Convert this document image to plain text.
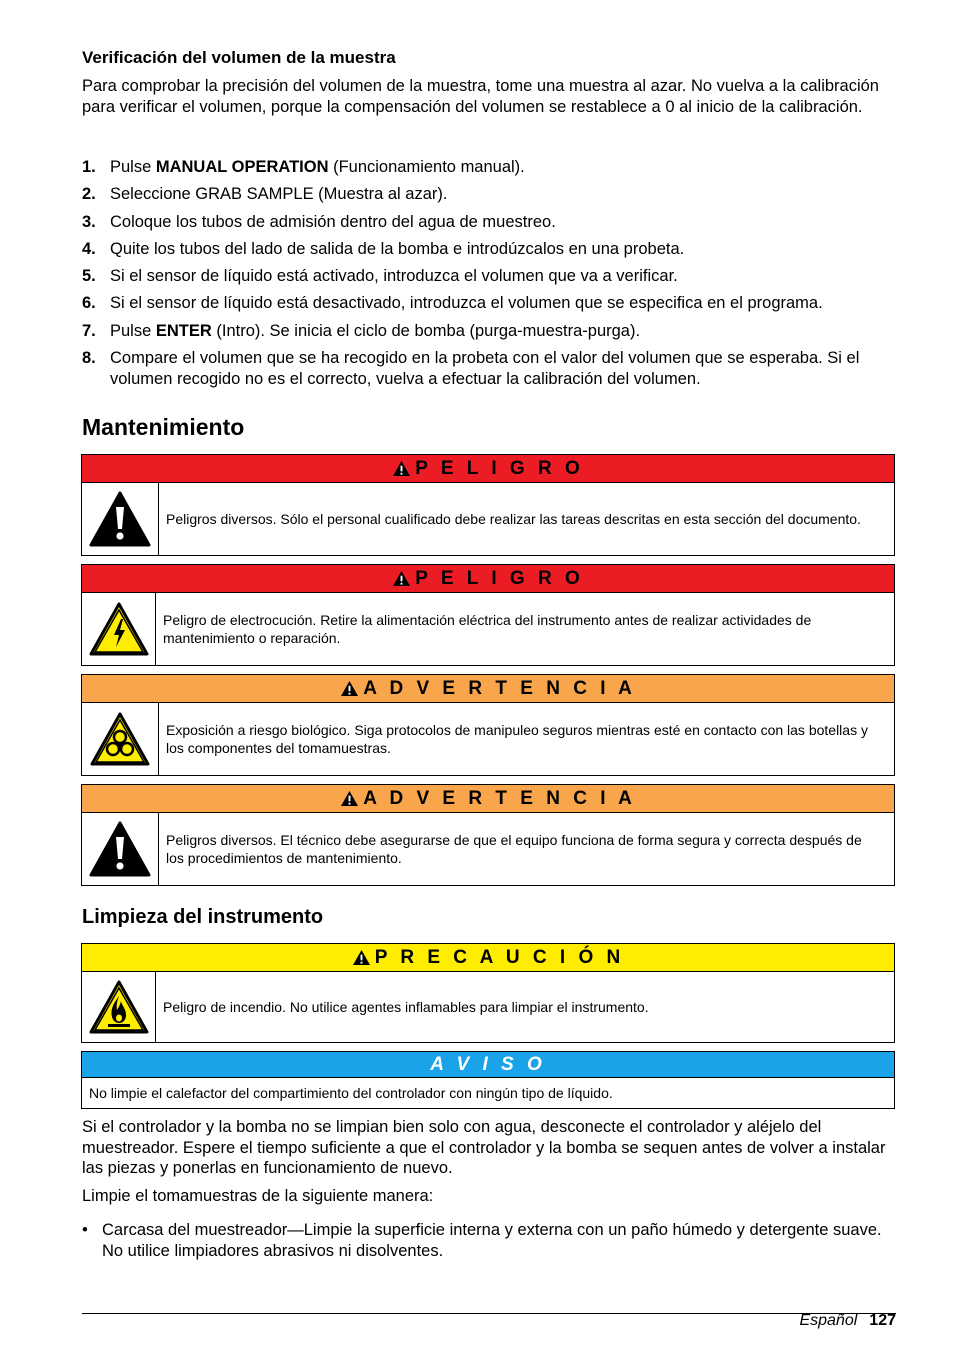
Verificación del volumen de la muestra

Para comprobar la precisión del volumen de la muestra, tome una muestra al azar. No vuelva a la calibración para verificar el volumen, porque la compensación del volumen se restablece a 0 al inicio de la calibración.

1. Pulse MANUAL OPERATION (Funcionamiento manual).
2. Seleccione GRAB SAMPLE (Muestra al azar).
3. Coloque los tubos de admisión dentro del agua de muestreo.
4. Quite los tubos del lado de salida de la bomba e introdúzcalos en una probeta.
5. Si el sensor de líquido está activado, introduzca el volumen que va a verificar.
6. Si el sensor de líquido está desactivado, introduzca el volumen que se especifica en el programa.
7. Pulse ENTER (Intro). Se inicia el ciclo de bomba (purga-muestra-purga).
8. Compare el volumen que se ha recogido en la probeta con el valor del volumen que se esperaba. Si el volumen recogido no es el correcto, vuelva a efectuar la calibración del volumen.
Mantenimiento
P E L I G R O
Peligros diversos. Sólo el personal cualificado debe realizar las tareas descritas en esta sección del documento.
P E L I G R O
Peligro de electrocución. Retire la alimentación eléctrica del instrumento antes de realizar actividades de mantenimiento o reparación.
A D V E R T E N C I A
Exposición a riesgo biológico. Siga protocolos de manipuleo seguros mientras esté en contacto con las botellas y los componentes del tomamuestras.
A D V E R T E N C I A
Peligros diversos. El técnico debe asegurarse de que el equipo funciona de forma segura y correcta después de los procedimientos de mantenimiento.
Limpieza del instrumento
P R E C A U C I Ó N
Peligro de incendio. No utilice agentes inflamables para limpiar el instrumento.
A V I S O
No limpie el calefactor del compartimiento del controlador con ningún tipo de líquido.

Si el controlador y la bomba no se limpian bien solo con agua, desconecte el controlador y aléjelo del muestreador. Espere el tiempo suficiente a que el controlador y la bomba se sequen antes de volver a instalar las piezas y ponerlas en funcionamiento de nuevo.

Limpie el tomamuestras de la siguiente manera:

• Carcasa del muestreador—Limpie la superficie interna y externa con un paño húmedo y detergente suave. No utilice limpiadores abrasivos ni disolventes.
Español 127
